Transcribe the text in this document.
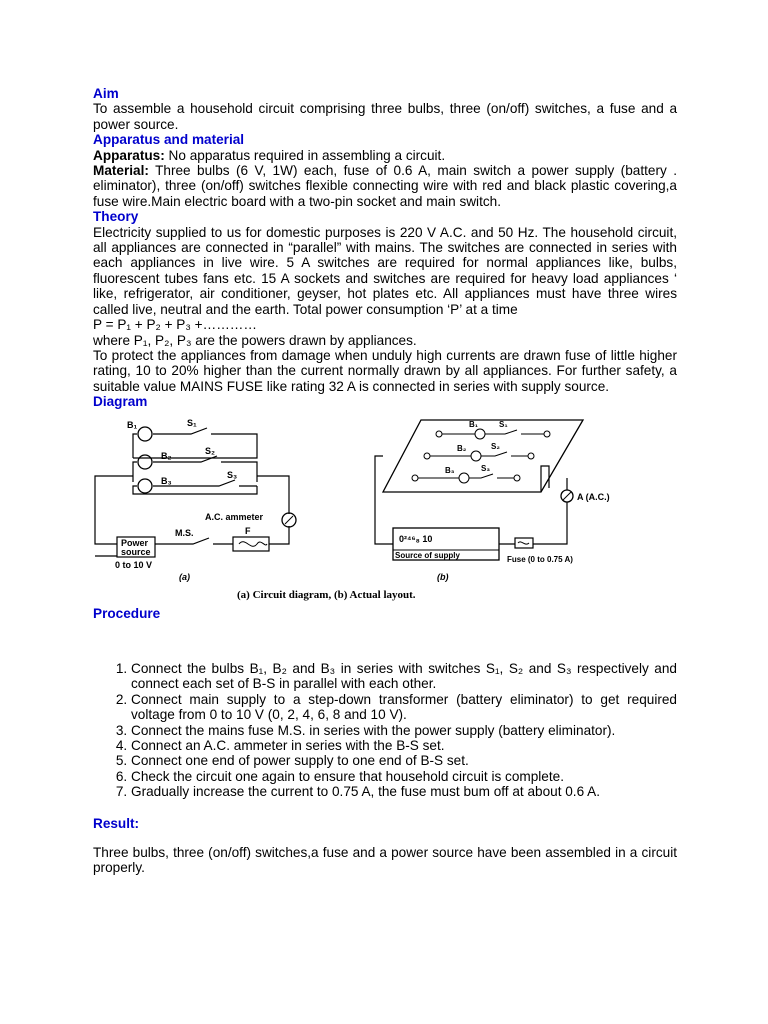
Aim

To assemble a household circuit comprising three bulbs, three (on/off) switches, a fuse and a power source.

Apparatus and material

Apparatus: No apparatus required in assembling a circuit.

Material: Three bulbs (6 V, 1W) each, fuse of 0.6 A, main switch a power supply (battery . eliminator), three (on/off) switches flexible connecting wire with red and black plastic covering,a fuse wire.Main electric board with a two-pin socket and main switch.

Theory

Electricity supplied to us for domestic purposes is 220 V A.C. and 50 Hz. The household circuit, all appliances are connected in “parallel” with mains. The switches are connected in series with each appliances in live wire. 5 A switches are required for normal appliances like, bulbs, fluorescent tubes fans etc. 15 A sockets and switches are required for heavy load appliances ‘ like, refrigerator, air conditioner, geyser, hot plates etc. All appliances must have three wires called live, neutral and the earth. Total power consumption ‘P’ at a time

P = P₁ + P₂ + P₃ +…………

where P₁, P₂, P₃ are the powers drawn by appliances.

To protect the appliances from damage when unduly high currents are drawn fuse of little higher rating, 10 to 20% higher than the current normally drawn by all appliances. For further safety, a suitable value MAINS FUSE like rating 32 A is connected in series with supply source.

Diagram
B₁
B₂
B₃
S₁
S₂
S₃
A.C. ammeter
Power
source
0 to 10 V
M.S.	F
(a)
B₁	S₁
B₂	S₂
B₃	S₃
A (A.C.)
0²⁴⁶₈ 10
Source of supply	Fuse (0 to 0.75 A)
(b)
(a) Circuit diagram, (b) Actual layout.
Procedure
1. Connect the bulbs B₁, B₂ and B₃ in series with switches S₁, S₂ and S₃ respectively and connect each set of B-S in parallel with each other.
2. Connect main supply to a step-down transformer (battery eliminator) to get required voltage from 0 to 10 V (0, 2, 4, 6, 8 and 10 V).
3. Connect the mains fuse M.S. in series with the power supply (battery eliminator).
4. Connect an A.C. ammeter in series with the B-S set.
5. Connect one end of power supply to one end of B-S set.
6. Check the circuit one again to ensure that household circuit is complete.
7. Gradually increase the current to 0.75 A, the fuse must bum off at about 0.6 A.
Result:

Three bulbs, three (on/off) switches,a fuse and a power source have been assembled in a circuit properly.
